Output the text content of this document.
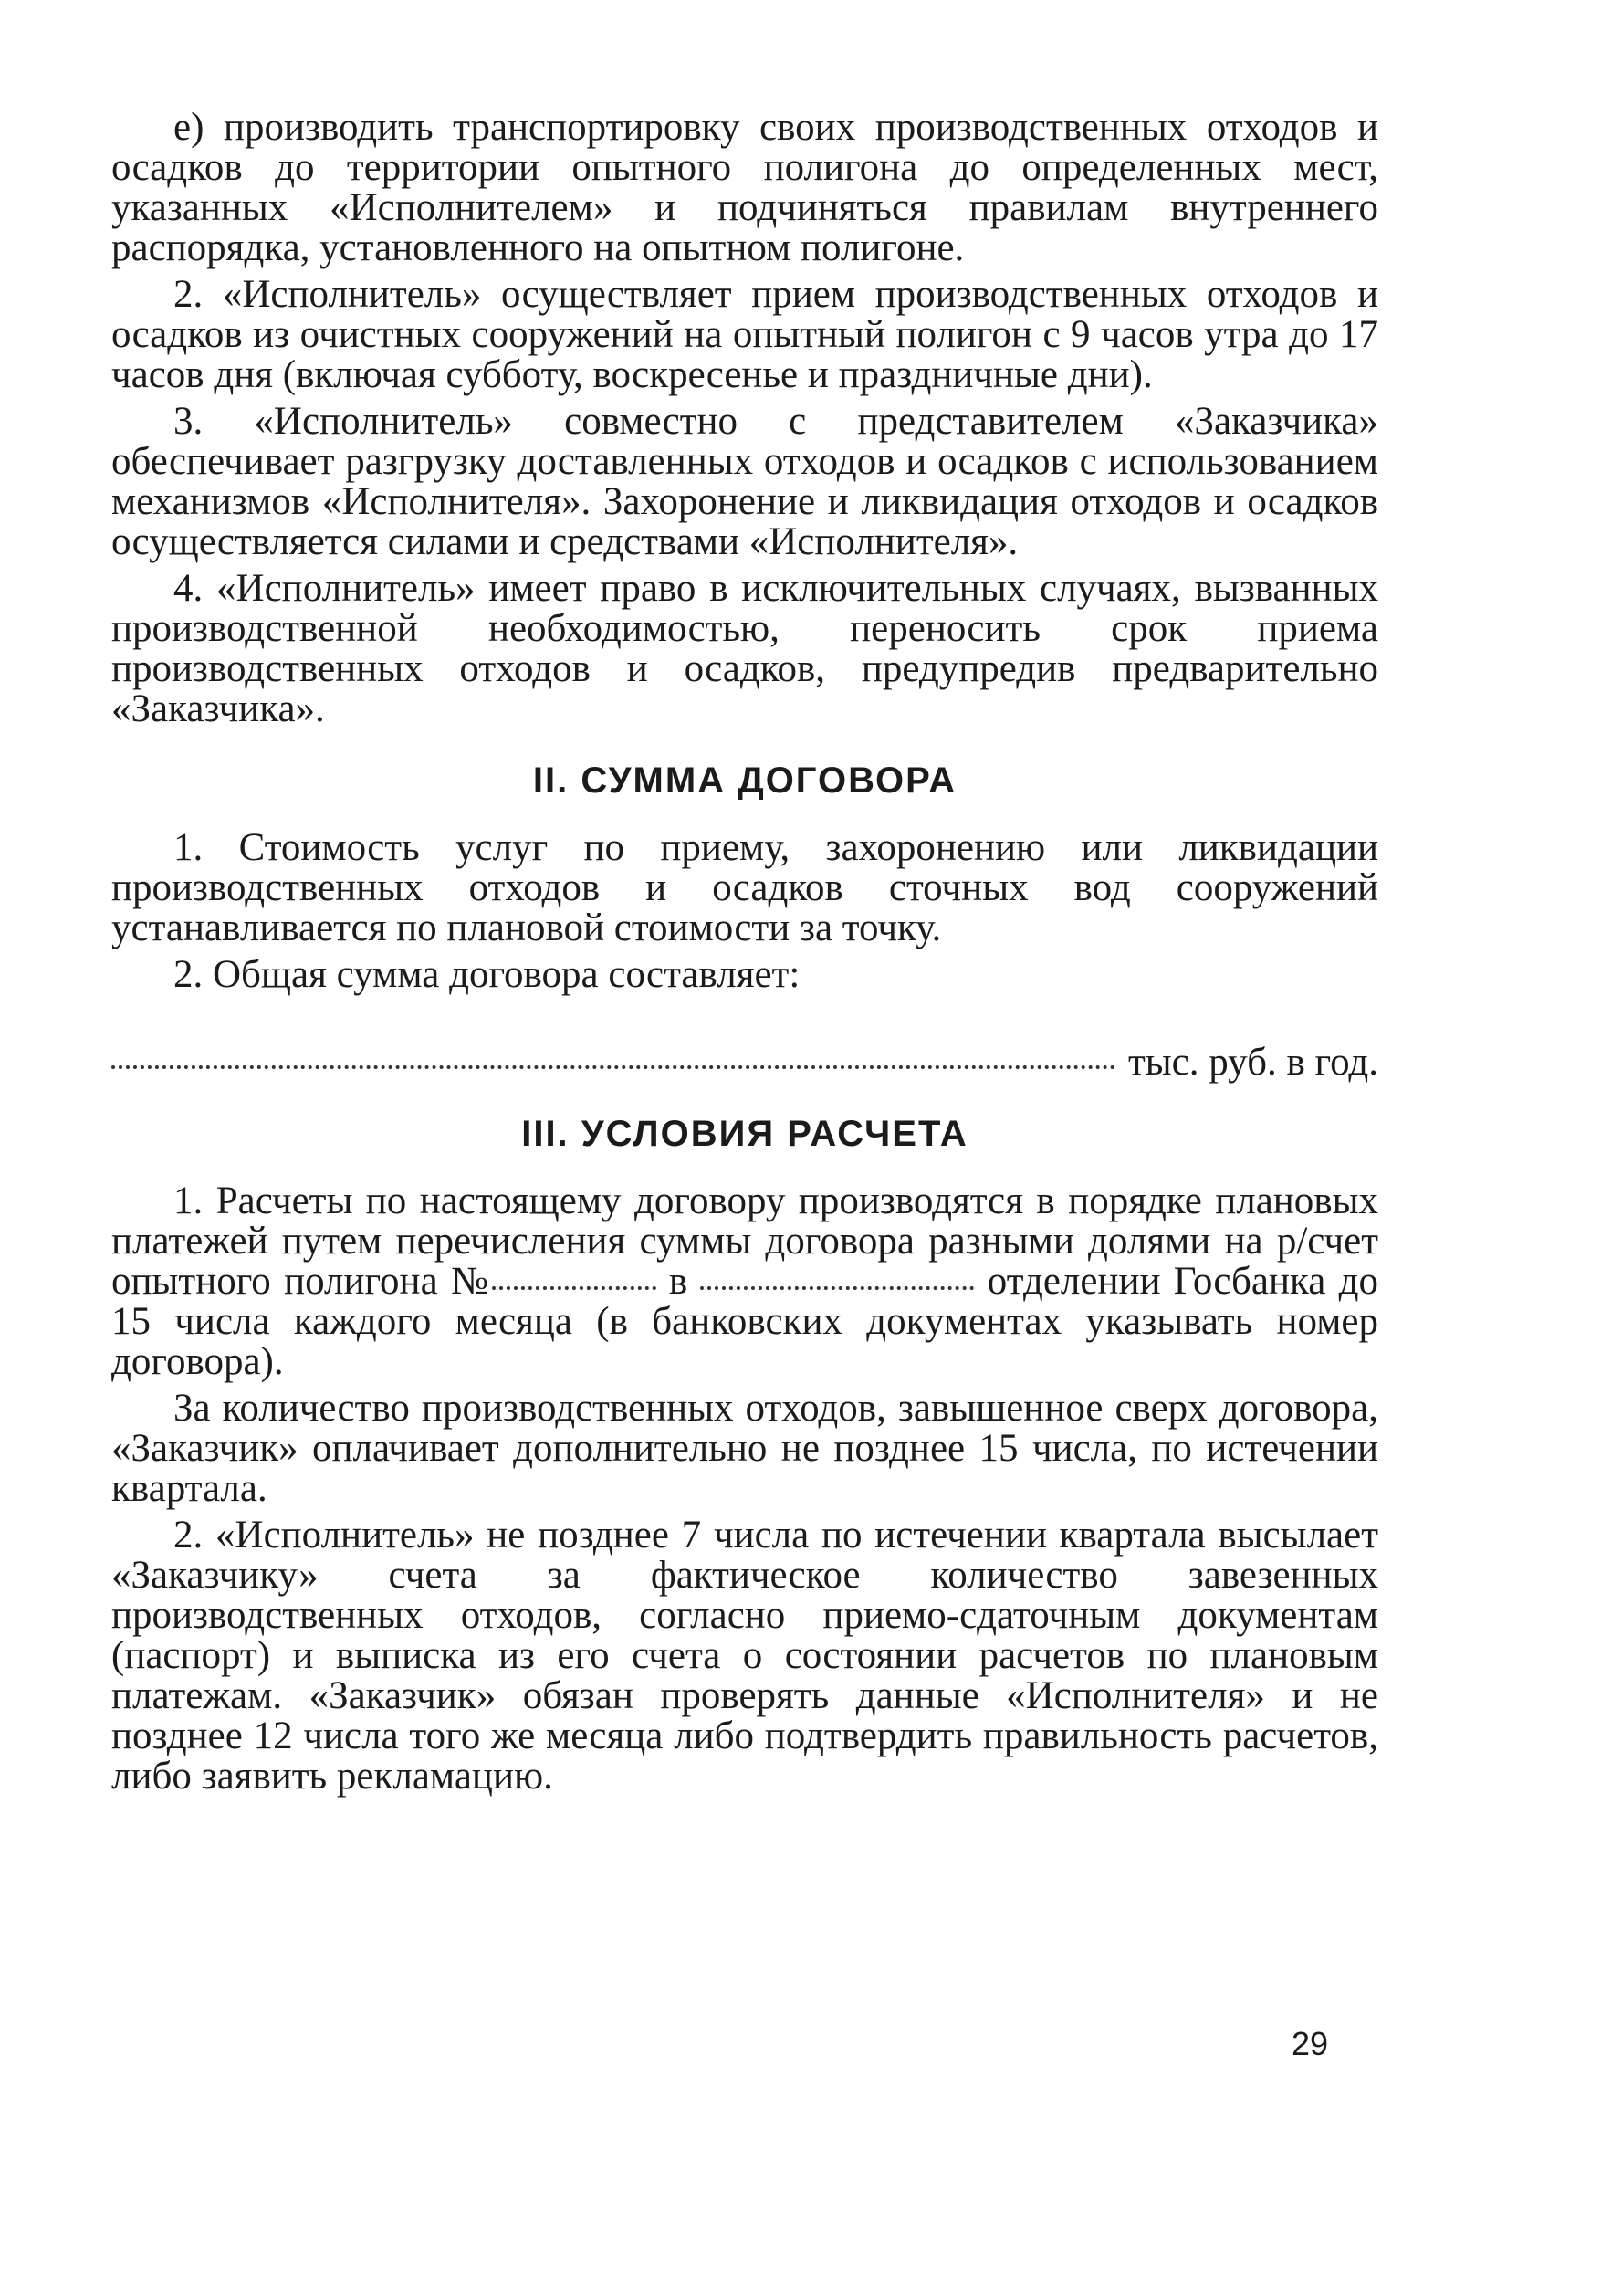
е) производить транспортировку своих производственных отходов и осадков до территории опытного полигона до определенных мест, указанных «Исполнителем» и подчиняться правилам внутреннего распорядка, установленного на опытном полигоне.

2. «Исполнитель» осуществляет прием производственных отходов и осадков из очистных сооружений на опытный полигон с 9 часов утра до 17 часов дня (включая субботу, воскресенье и праздничные дни).

3. «Исполнитель» совместно с представителем «Заказчика» обеспечивает разгрузку доставленных отходов и осадков с использованием механизмов «Исполнителя». Захоронение и ликвидация отходов и осадков осуществляется силами и средствами «Исполнителя».

4. «Исполнитель» имеет право в исключительных случаях, вызванных производственной необходимостью, переносить срок приема производственных отходов и осадков, предупредив предварительно «Заказчика».

II. СУММА ДОГОВОРА

1. Стоимость услуг по приему, захоронению или ликвидации производственных отходов и осадков сточных вод сооружений устанавливается по плановой стоимости за точку.

2. Общая сумма договора составляет:

тыс. руб. в год.
III. УСЛОВИЯ РАСЧЕТА

1. Расчеты по настоящему договору производятся в порядке плановых платежей путем перечисления суммы договора разными долями на р/счет опытного полигона №	в	отделении Госбанка до 15 числа каждого месяца (в банковских документах указывать номер договора).

За количество производственных отходов, завышенное сверх договора, «Заказчик» оплачивает дополнительно не позднее 15 числа, по истечении квартала.

2. «Исполнитель» не позднее 7 числа по истечении квартала высылает «Заказчику» счета за фактическое количество завезенных производственных отходов, согласно приемо-сдаточным документам (паспорт) и выписка из его счета о состоянии расчетов по плановым платежам. «Заказчик» обязан проверять данные «Исполнителя» и не позднее 12 числа того же месяца либо подтвердить правильность расчетов, либо заявить рекламацию.

29
